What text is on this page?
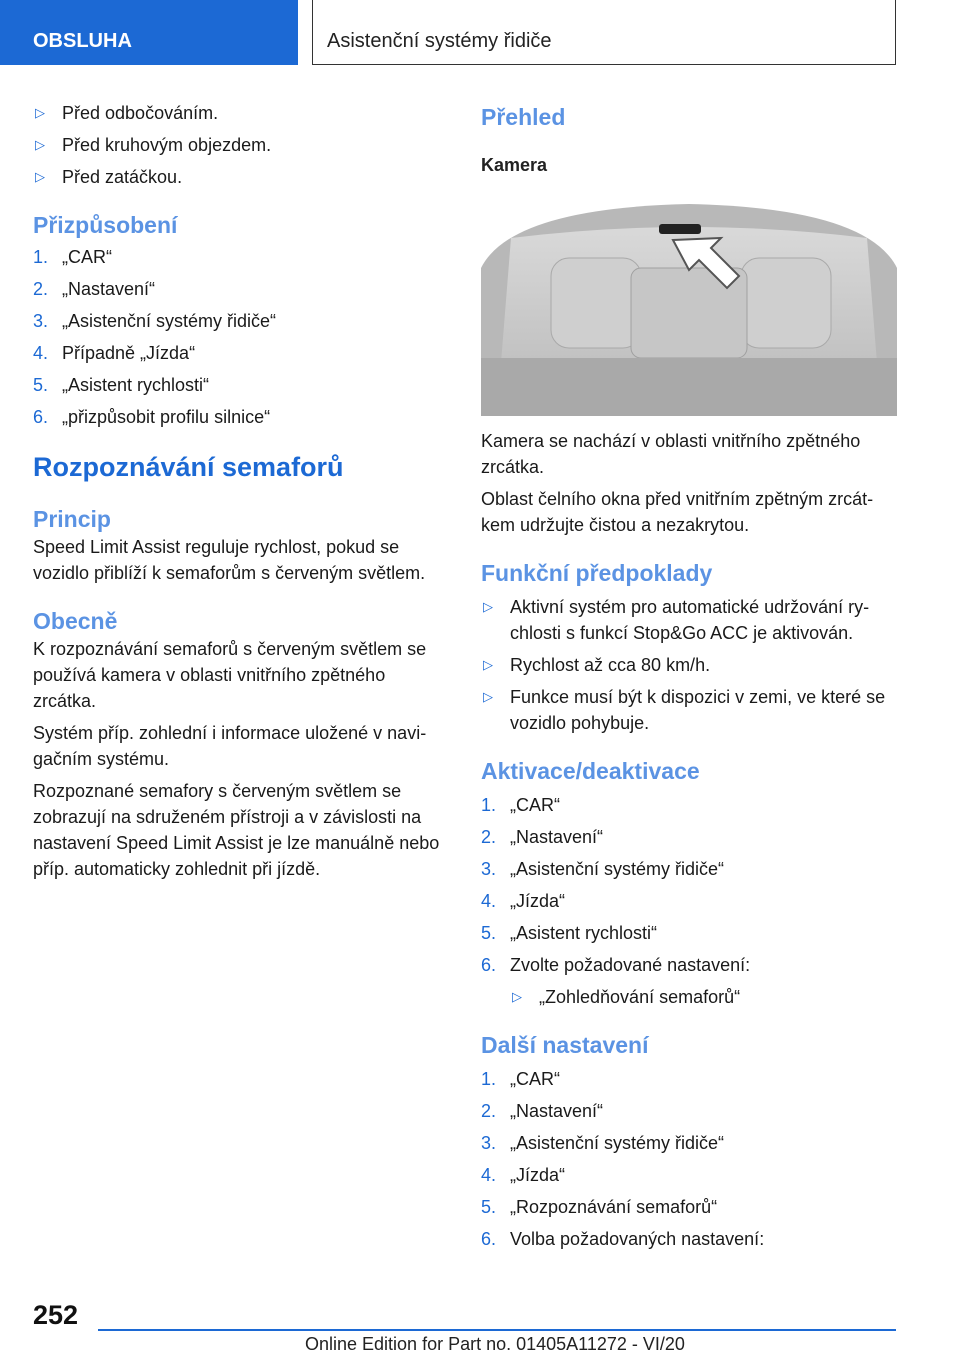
OBSLUHA	Asistenční systémy řidiče
▷ Před odbočováním.
▷ Před kruhovým objezdem.
▷ Před zatáčkou.
Přizpůsobení
1. „CAR“
2. „Nastavení“
3. „Asistenční systémy řidiče“
4. Případně „Jízda“
5. „Asistent rychlosti“
6. „přizpůsobit profilu silnice“
Rozpoznávání semaforů
Princip

Speed Limit Assist reguluje rychlost, pokud se vozidlo přiblíží k semaforům s červeným světlem.

Obecně

K rozpoznávání semaforů s červeným světlem se používá kamera v oblasti vnitřního zpětného zrcátka.

Systém příp. zohlední i informace uložené v navi-gačním systému.

Rozpoznané semafory s červeným světlem se zobrazují na sdruženém přístroji a v závislosti na nastavení Speed Limit Assist je lze manuálně nebo příp. automaticky zohlednit při jízdě.

Přehled
Kamera

Kamera se nachází v oblasti vnitřního zpětného zrcátka.

Oblast čelního okna před vnitřním zpětným zrcát-kem udržujte čistou a nezakrytou.

Funkční předpoklady
▷ Aktivní systém pro automatické udržování ry-chlosti s funkcí Stop&Go ACC je aktivován.
▷ Rychlost až cca 80 km/h.
▷ Funkce musí být k dispozici v zemi, ve které se vozidlo pohybuje.
Aktivace/deaktivace
1. „CAR“
2. „Nastavení“
3. „Asistenční systémy řidiče“
4. „Jízda“
5. „Asistent rychlosti“
6. Zvolte požadované nastavení:
▷ „Zohledňování semaforů“
Další nastavení
1. „CAR“
2. „Nastavení“
3. „Asistenční systémy řidiče“
4. „Jízda“
5. „Rozpoznávání semaforů“
6. Volba požadovaných nastavení:
252
Online Edition for Part no. 01405A11272 - VI/20
